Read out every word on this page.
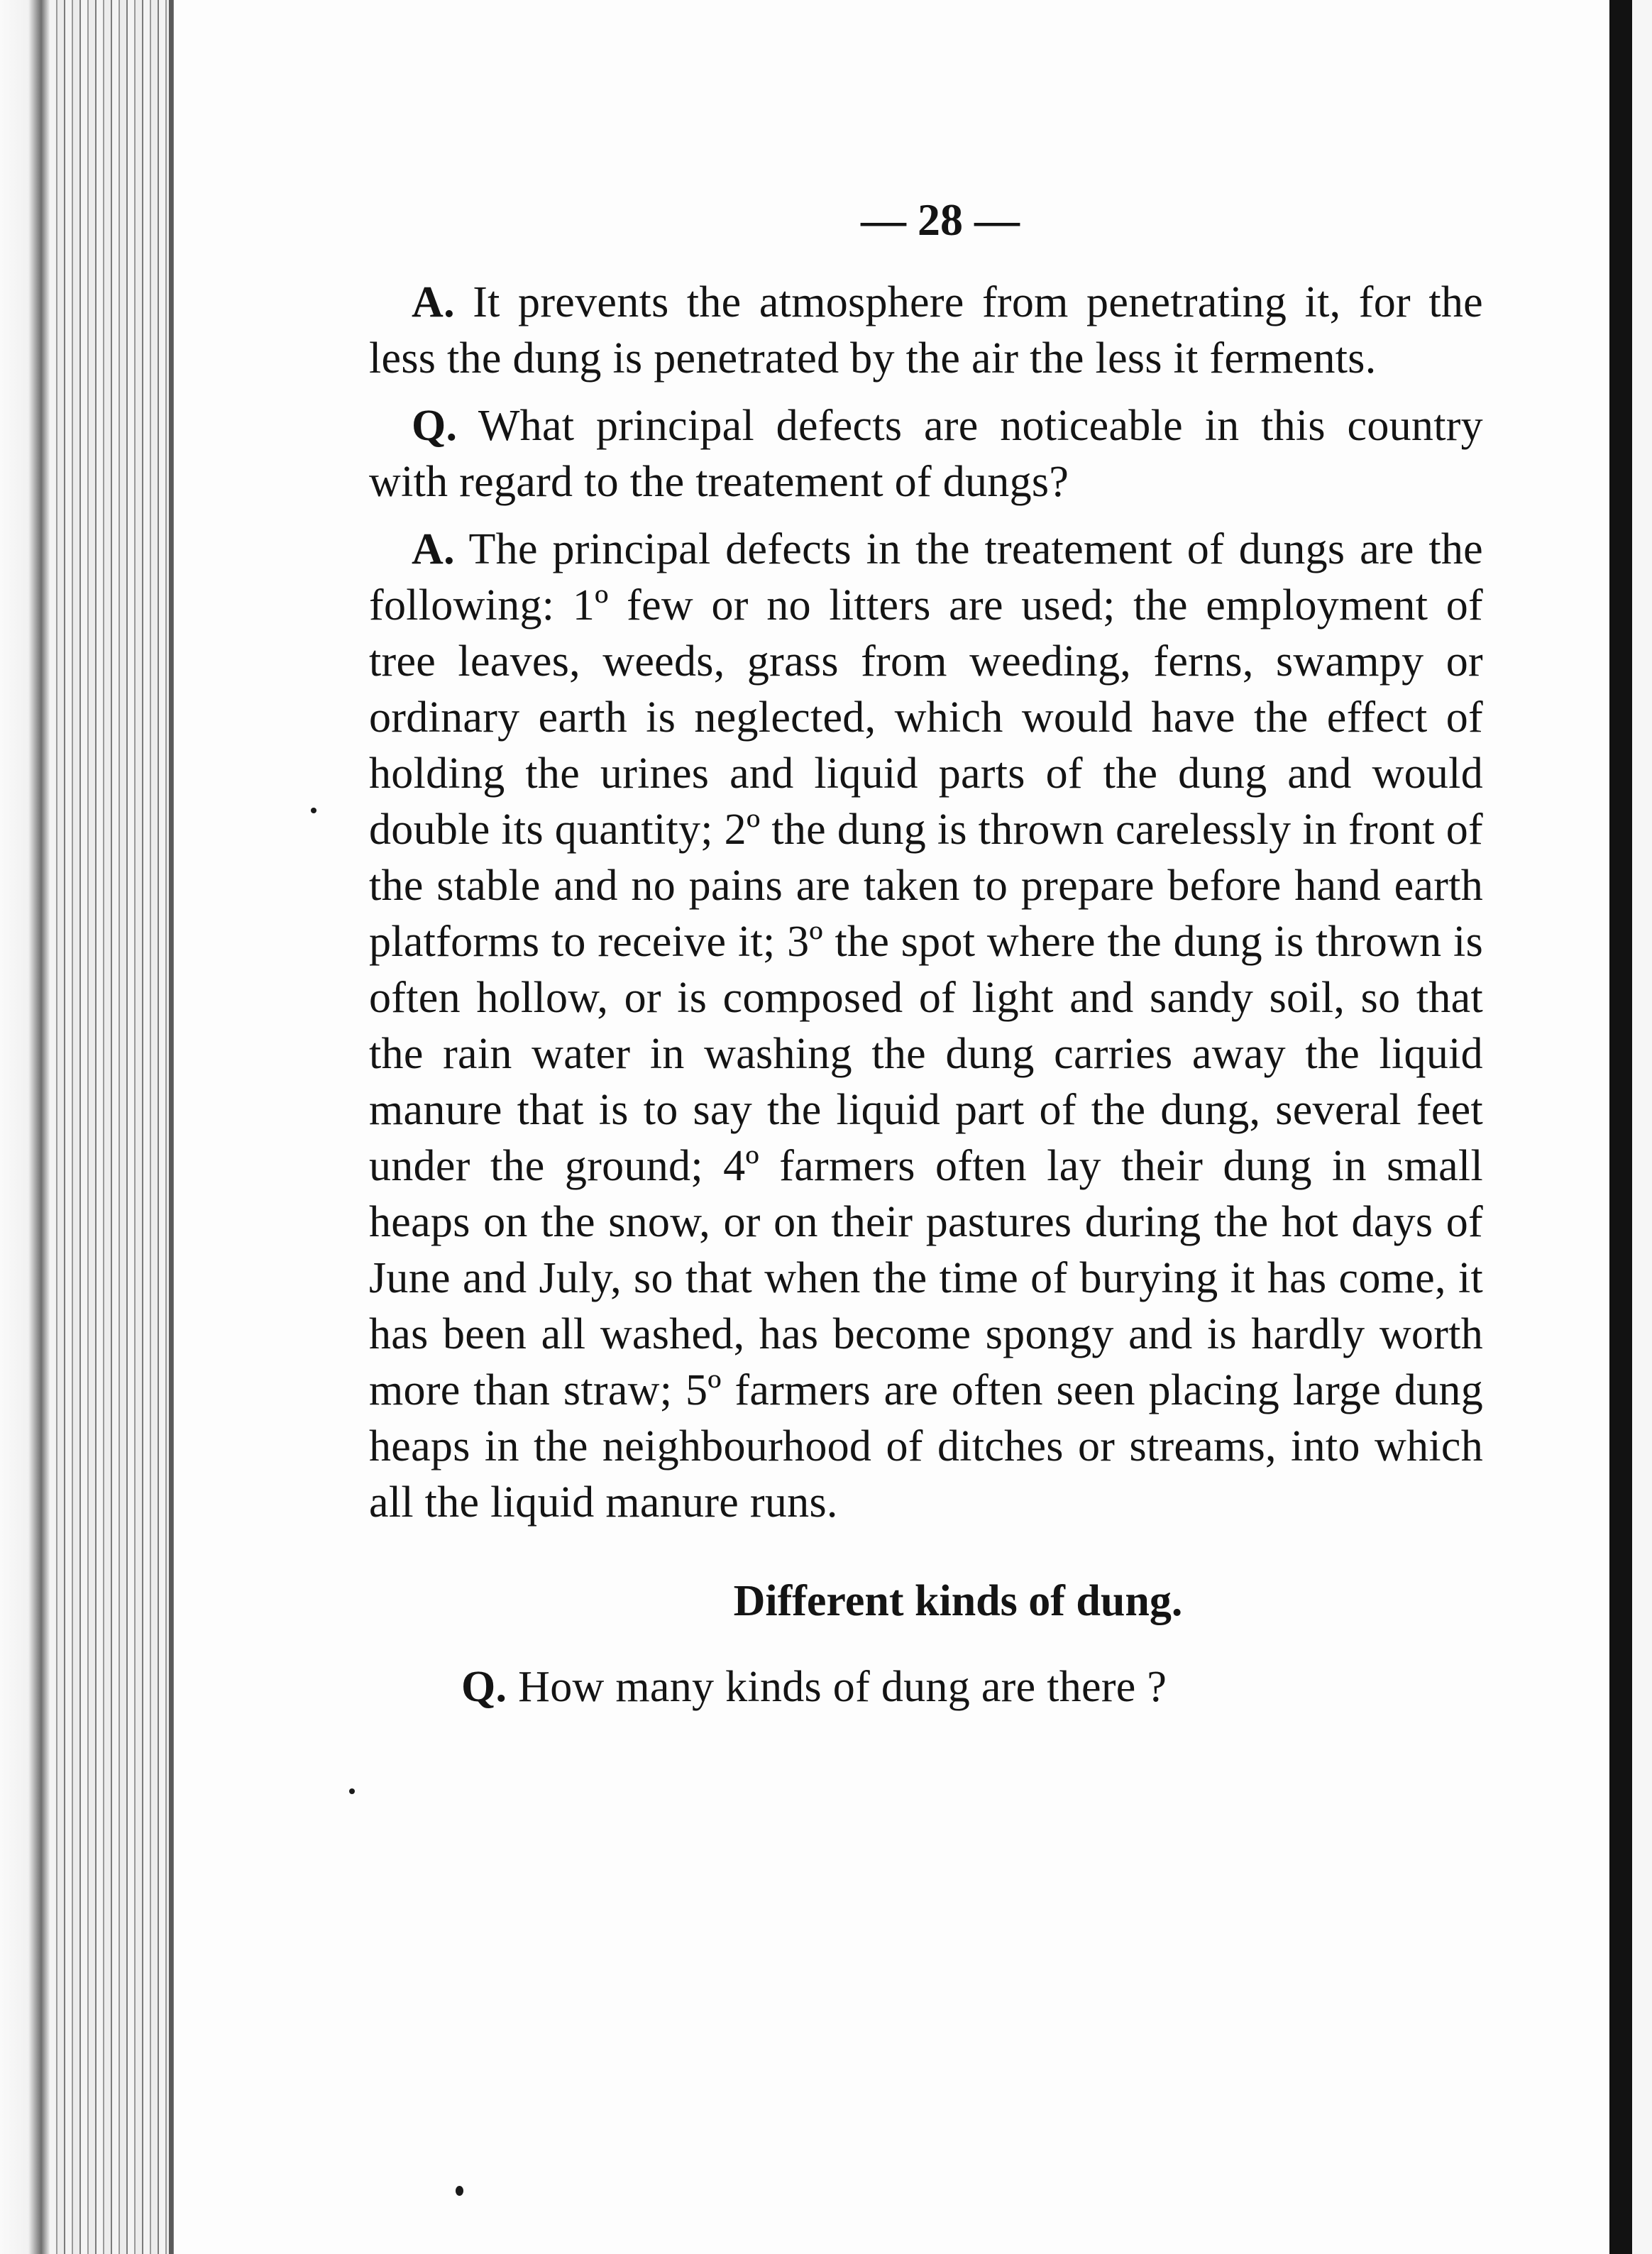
— 28 —

A. It prevents the atmosphere from penetrating it, for the less the dung is penetrated by the air the less it ferments.

Q. What principal defects are noticeable in this country with regard to the treatement of dungs?

A. The principal defects in the treatement of dungs are the following: 1º few or no litters are used; the employment of tree leaves, weeds, grass from weeding, ferns, swampy or ordinary earth is neglected, which would have the effect of holding the urines and liquid parts of the dung and would double its quantity; 2º the dung is thrown carelessly in front of the stable and no pains are taken to prepare before hand earth platforms to receive it; 3º the spot where the dung is thrown is often hollow, or is composed of light and sandy soil, so that the rain water in washing the dung carries away the liquid manure that is to say the liquid part of the dung, several feet under the ground; 4º farmers often lay their dung in small heaps on the snow, or on their pastures during the hot days of June and July, so that when the time of burying it has come, it has been all washed, has become spongy and is hardly worth more than straw; 5º farmers are often seen placing large dung heaps in the neighbourhood of ditches or streams, into which all the liquid manure runs.

Different kinds of dung.

Q. How many kinds of dung are there ?
